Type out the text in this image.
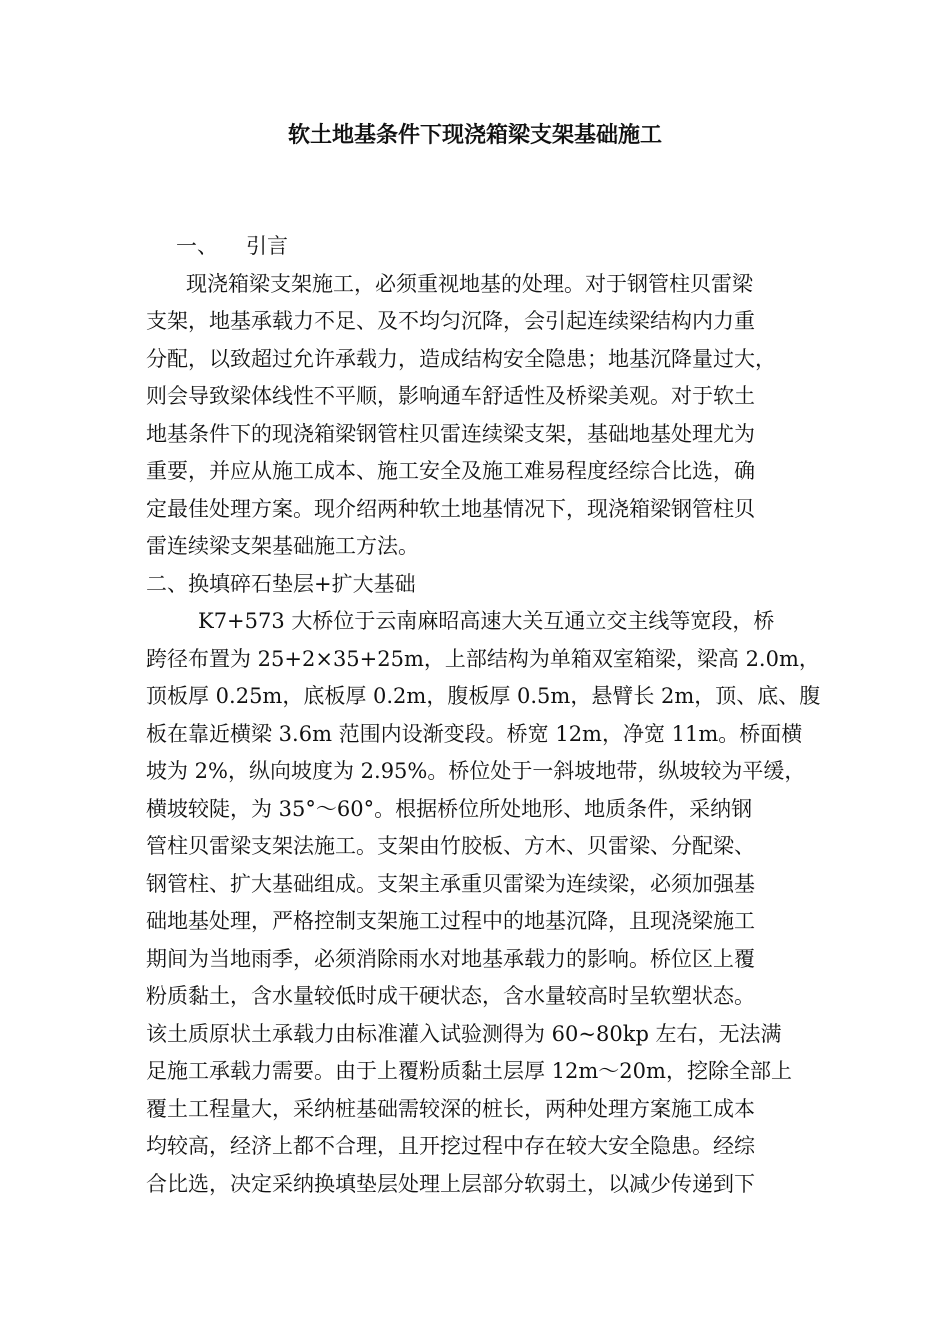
软土地基条件下现浇箱梁支架基础施工
一、 引言
现浇箱梁支架施工，必须重视地基的处理。对于钢管柱贝雷梁
支架，地基承载力不足、及不均匀沉降，会引起连续梁结构内力重
分配，以致超过允许承载力，造成结构安全隐患；地基沉降量过大，
则会导致梁体线性不平顺，影响通车舒适性及桥梁美观。对于软土
地基条件下的现浇箱梁钢管柱贝雷连续梁支架，基础地基处理尤为
重要，并应从施工成本、施工安全及施工难易程度经综合比选，确
定最佳处理方案。现介绍两种软土地基情况下，现浇箱梁钢管柱贝
雷连续梁支架基础施工方法。
二、换填碎石垫层+扩大基础
K7+573 大桥位于云南麻昭高速大关互通立交主线等宽段，桥
跨径布置为 25+2×35+25m，上部结构为单箱双室箱梁，梁高 2.0m，
顶板厚 0.25m，底板厚 0.2m，腹板厚 0.5m，悬臂长 2m，顶、底、腹
板在靠近横梁 3.6m 范围内设渐变段。桥宽 12m，净宽 11m。桥面横
坡为 2%，纵向坡度为 2.95%。桥位处于一斜坡地带，纵坡较为平缓，
横坡较陡，为 35°～60°。根据桥位所处地形、地质条件，采纳钢
管柱贝雷梁支架法施工。支架由竹胶板、方木、贝雷梁、分配梁、
钢管柱、扩大基础组成。支架主承重贝雷梁为连续梁，必须加强基
础地基处理，严格控制支架施工过程中的地基沉降，且现浇梁施工
期间为当地雨季，必须消除雨水对地基承载力的影响。桥位区上覆
粉质黏土，含水量较低时成干硬状态，含水量较高时呈软塑状态。
该土质原状土承载力由标准灌入试验测得为 60~80kp 左右，无法满
足施工承载力需要。由于上覆粉质黏土层厚 12m～20m，挖除全部上
覆土工程量大，采纳桩基础需较深的桩长，两种处理方案施工成本
均较高，经济上都不合理，且开挖过程中存在较大安全隐患。经综
合比选，决定采纳换填垫层处理上层部分软弱土，以减少传递到下
